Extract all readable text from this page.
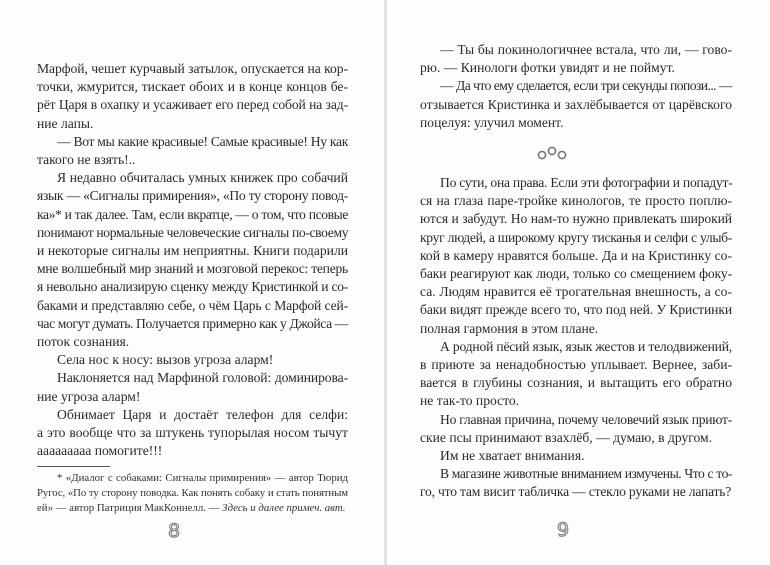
Марфой, чешет курчавый затылок, опускается на кор-
точки, жмурится, тискает обоих и в конце концов бе-
рёт Царя в охапку и усаживает его перед собой на зад-
ние лапы.
— Вот мы какие красивые! Самые красивые! Ну как
такого не взять!..
Я недавно обчиталась умных книжек про собачий
язык — «Сигналы примирения», «По ту сторону повод-
ка»* и так далее. Там, если вкратце, — о том, что псовые
понимают нормальные человеческие сигналы по-своему
и некоторые сигналы им неприятны. Книги подарили
мне волшебный мир знаний и мозговой перекос: теперь
я невольно анализирую сценку между Кристинкой и со-
баками и представляю себе, о чём Царь с Марфой сей-
час могут думать. Получается примерно как у Джойса —
поток сознания.
Села нос к носу: вызов угроза аларм!
Наклоняется над Марфиной головой: доминирова-
ние угроза аларм!
Обнимает Царя и достаёт телефон для селфи:
а это вообще что за штукень тупорылая носом тычут
ааааааааа помогите!!!
* «Диалог с собаками: Сигналы примирения» — автор Тюрид
Ругос, «По ту сторону поводка. Как понять собаку и стать понятным
ей» — автор Патриция МакКоннелл. — Здесь и далее примеч. авт.
8
— Ты бы покинологичнее встала, что ли, — гово-
рю. — Кинологи фотки увидят и не поймут.
— Да что ему сделается, если три секунды попози... —
отзывается Кристинка и захлёбывается от царёвского
поцелуя: улучил момент.
По сути, она права. Если эти фотографии и попадут-
ся на глаза паре-тройке кинологов, те просто поплю-
ются и забудут. Но нам-то нужно привлекать широкий
круг людей, а широкому кругу тисканья и селфи с улыб-
кой в камеру нравятся больше. Да и на Кристинку со-
баки реагируют как люди, только со смещением фоку-
са. Людям нравится её трогательная внешность, а со-
баки видят прежде всего то, что под ней. У Кристинки
полная гармония в этом плане.
А родной пёсий язык, язык жестов и телодвижений,
в приюте за ненадобностью уплывает. Вернее, заби-
вается в глубины сознания, и вытащить его обратно
не так-то просто.
Но главная причина, почему человечий язык приют-
ские псы принимают взахлёб, — думаю, в другом.
Им не хватает внимания.
В магазине животные вниманием измучены. Что с то-
го, что там висит табличка — стекло руками не лапать?
9
